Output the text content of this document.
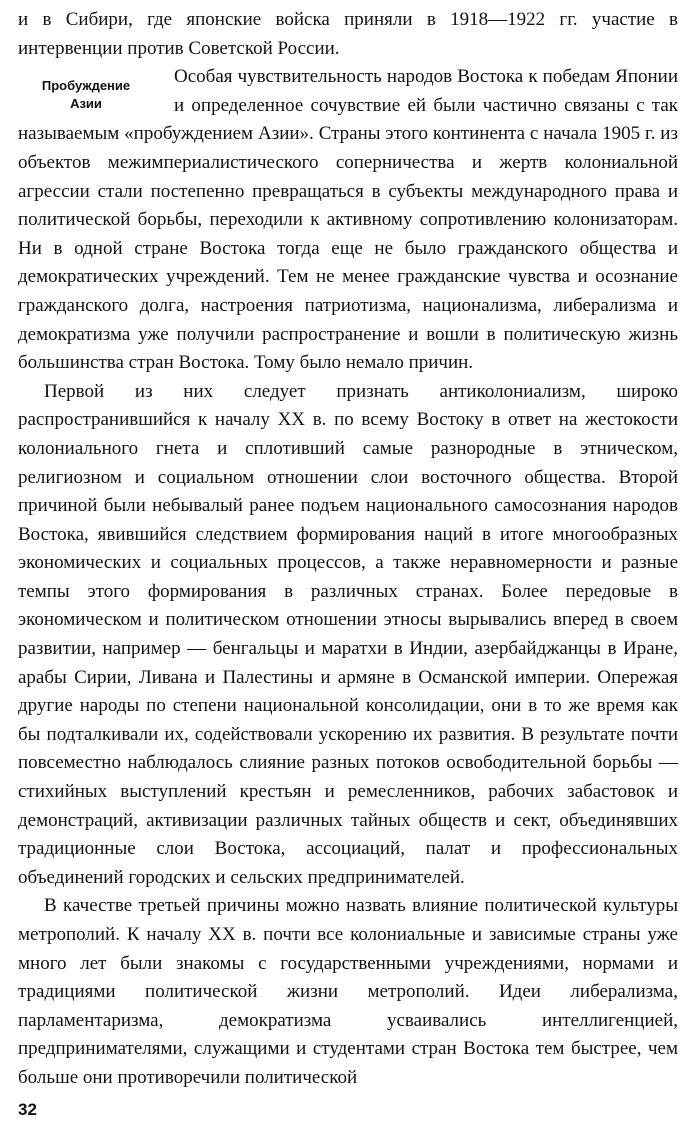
и в Сибири, где японские войска приняли в 1918—1922 гг. участие в интервенции против Советской России.

Пробуждение
Азии

Особая чувствительность народов Востока к победам Японии и определенное сочувствие ей были частично связаны с так называемым «пробуждением Азии». Страны этого континента с начала 1905 г. из объектов межимпериалистического соперничества и жертв колониальной агрессии стали постепенно превращаться в субъекты международного права и политической борьбы, переходили к активному сопротивлению колонизаторам. Ни в одной стране Востока тогда еще не было гражданского общества и демократических учреждений. Тем не менее гражданские чувства и осознание гражданского долга, настроения патриотизма, национализма, либерализма и демократизма уже получили распространение и вошли в политическую жизнь большинства стран Востока. Тому было немало причин.

Первой из них следует признать антиколониализм, широко распространившийся к началу XX в. по всему Востоку в ответ на жестокости колониального гнета и сплотивший самые разнородные в этническом, религиозном и социальном отношении слои восточного общества. Второй причиной были небывалый ранее подъем национального самосознания народов Востока, явившийся следствием формирования наций в итоге многообразных экономических и социальных процессов, а также неравномерности и разные темпы этого формирования в различных странах. Более передовые в экономическом и политическом отношении этносы вырывались вперед в своем развитии, например — бенгальцы и маратхи в Индии, азербайджанцы в Иране, арабы Сирии, Ливана и Палестины и армяне в Османской империи. Опережая другие народы по степени национальной консолидации, они в то же время как бы подталкивали их, содействовали ускорению их развития. В результате почти повсеместно наблюдалось слияние разных потоков освободительной борьбы — стихийных выступлений крестьян и ремесленников, рабочих забастовок и демонстраций, активизации различных тайных обществ и сект, объединявших традиционные слои Востока, ассоциаций, палат и профессиональных объединений городских и сельских предпринимателей.

В качестве третьей причины можно назвать влияние политической культуры метрополий. К началу XX в. почти все колониальные и зависимые страны уже много лет были знакомы с государственными учреждениями, нормами и традициями политической жизни метрополий. Идеи либерализма, парламентаризма, демократизма усваивались интеллигенцией, предпринимателями, служащими и студентами стран Востока тем быстрее, чем больше они противоречили политической

32
